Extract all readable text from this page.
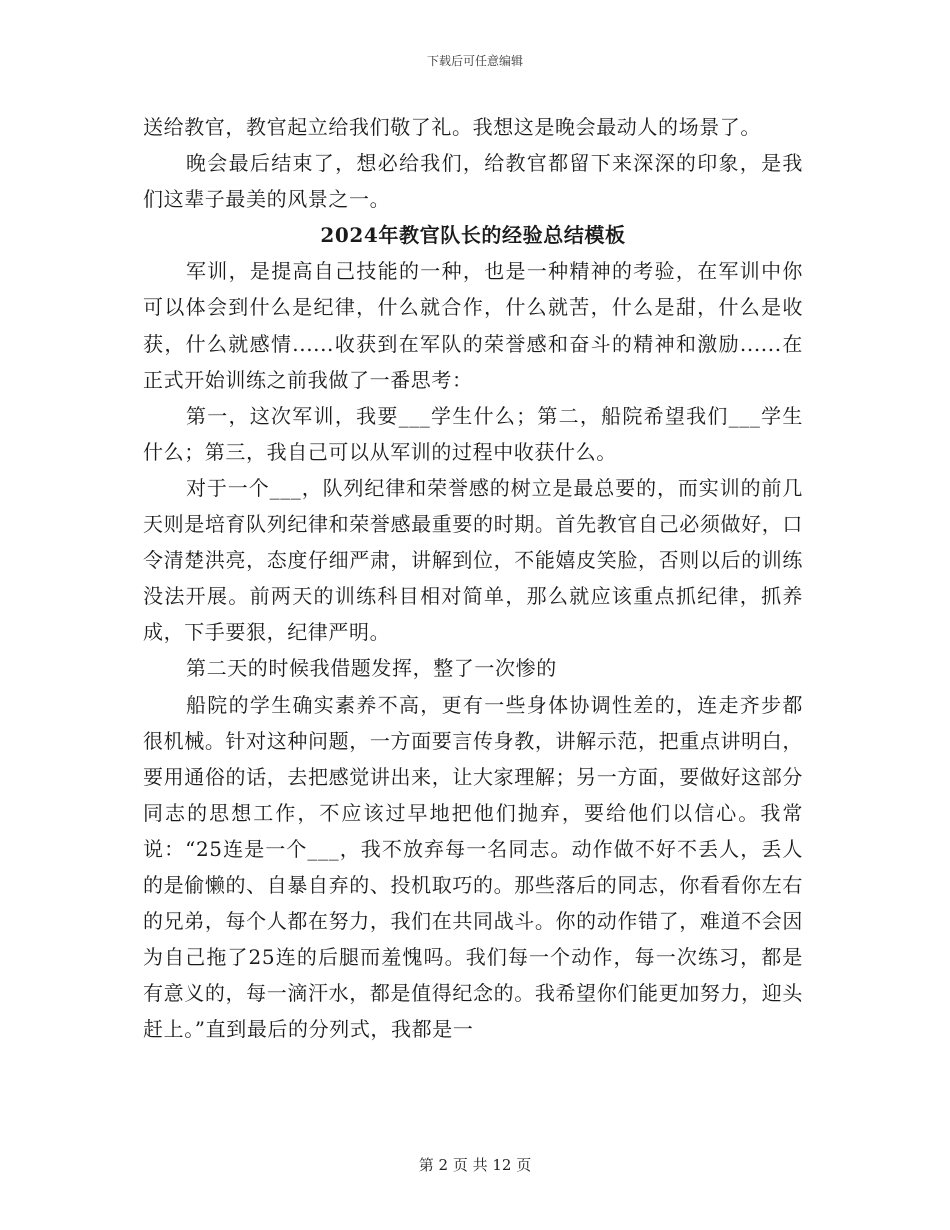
下载后可任意编辑

送给教官，教官起立给我们敬了礼。我想这是晚会最动人的场景了。

晚会最后结束了，想必给我们，给教官都留下来深深的印象，是我们这辈子最美的风景之一。

2024年教官队长的经验总结模板

军训，是提高自己技能的一种，也是一种精神的考验，在军训中你可以体会到什么是纪律，什么就合作，什么就苦，什么是甜，什么是收获，什么就感情......收获到在军队的荣誉感和奋斗的精神和激励......在正式开始训练之前我做了一番思考：

第一，这次军训，我要___学生什么；第二，船院希望我们___学生什么；第三，我自己可以从军训的过程中收获什么。

对于一个___，队列纪律和荣誉感的树立是最总要的，而实训的前几天则是培育队列纪律和荣誉感最重要的时期。首先教官自己必须做好，口令清楚洪亮，态度仔细严肃，讲解到位，不能嬉皮笑脸，否则以后的训练没法开展。前两天的训练科目相对简单，那么就应该重点抓纪律，抓养成，下手要狠，纪律严明。

第二天的时候我借题发挥，整了一次惨的

船院的学生确实素养不高，更有一些身体协调性差的，连走齐步都很机械。针对这种问题，一方面要言传身教，讲解示范，把重点讲明白，要用通俗的话，去把感觉讲出来，让大家理解；另一方面，要做好这部分同志的思想工作，不应该过早地把他们抛弃，要给他们以信心。我常说：“25连是一个___，我不放弃每一名同志。动作做不好不丢人，丢人的是偷懒的、自暴自弃的、投机取巧的。那些落后的同志，你看看你左右的兄弟，每个人都在努力，我们在共同战斗。你的动作错了，难道不会因为自己拖了25连的后腿而羞愧吗。我们每一个动作，每一次练习，都是有意义的，每一滴汗水，都是值得纪念的。我希望你们能更加努力，迎头赶上。”直到最后的分列式，我都是一

第 2 页 共 12 页
